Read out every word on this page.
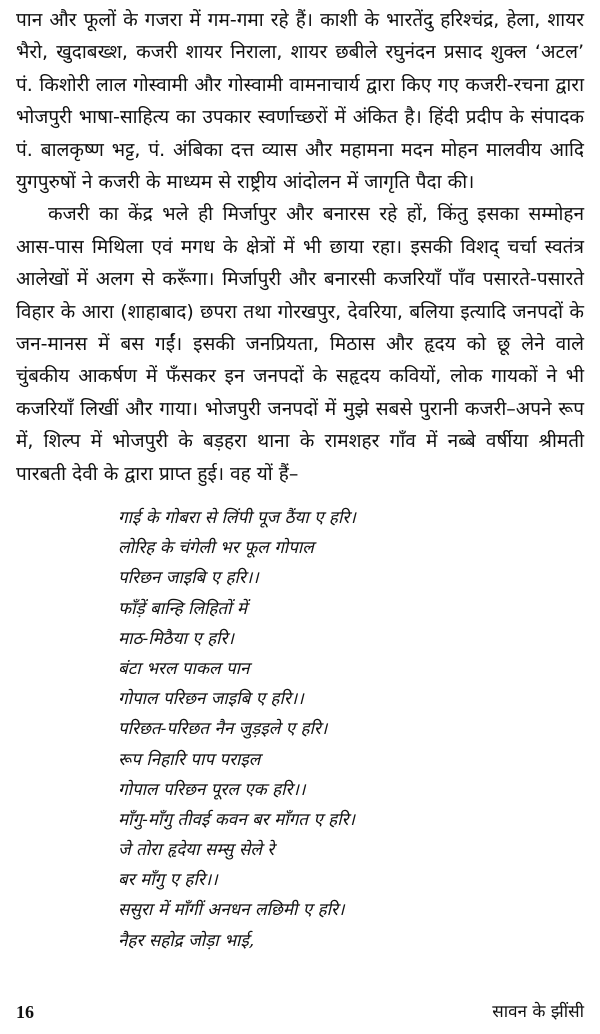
पान और फूलों के गजरा में गम-गमा रहे हैं। काशी के भारतेंदु हरिश्चंद्र, हेला, शायर भैरो, खुदाबख्श, कजरी शायर निराला, शायर छबीले रघुनंदन प्रसाद शुक्ल ‘अटल’ पं. किशोरी लाल गोस्वामी और गोस्वामी वामनाचार्य द्वारा किए गए कजरी-रचना द्वारा भोजपुरी भाषा-साहित्य का उपकार स्वर्णाच्छरों में अंकित है। हिंदी प्रदीप के संपादक पं. बालकृष्ण भट्ट, पं. अंबिका दत्त व्यास और महामना मदन मोहन मालवीय आदि युगपुरुषों ने कजरी के माध्यम से राष्ट्रीय आंदोलन में जागृति पैदा की।

कजरी का केंद्र भले ही मिर्जापुर और बनारस रहे हों, किंतु इसका सम्मोहन आस-पास मिथिला एवं मगध के क्षेत्रों में भी छाया रहा। इसकी विशद् चर्चा स्वतंत्र आलेखों में अलग से करूँगा। मिर्जापुरी और बनारसी कजरियाँ पाँव पसारते-पसारते विहार के आरा (शाहाबाद) छपरा तथा गोरखपुर, देवरिया, बलिया इत्यादि जनपदों के जन-मानस में बस गईं। इसकी जनप्रियता, मिठास और हृदय को छू लेने वाले चुंबकीय आकर्षण में फँसकर इन जनपदों के सहृदय कवियों, लोक गायकों ने भी कजरियाँ लिखीं और गाया। भोजपुरी जनपदों में मुझे सबसे पुरानी कजरी–अपने रूप में, शिल्प में भोजपुरी के बड़हरा थाना के रामशहर गाँव में नब्बे वर्षीया श्रीमती पारबती देवी के द्वारा प्राप्त हुई। वह यों हैं–

गाई के गोबरा से लिंपी पूज ठैंया ए हरि।
लोरिह के चंगेली भर फूल गोपाल
परिछन जाइबि ए हरि।।
फाँड़ें बान्हि लिहितों में
माठ-मिठैया ए हरि।
बंटा भरल पाकल पान
गोपाल परिछन जाइबि ए हरि।।
परिछत-परिछत नैन जुड़इले ए हरि।
रूप निहारि पाप पराइल
गोपाल परिछन पूरल एक हरि।।
माँगु-माँगु तीवई कवन बर माँगत ए हरि।
जे तोरा हृदेया सम्सु सेले रे
बर माँगु ए हरि।।
ससुरा में माँगीं अनधन लछिमी ए हरि।
नैहर सहोद्र जोड़ा भाई,
16	सावन के झींसी
